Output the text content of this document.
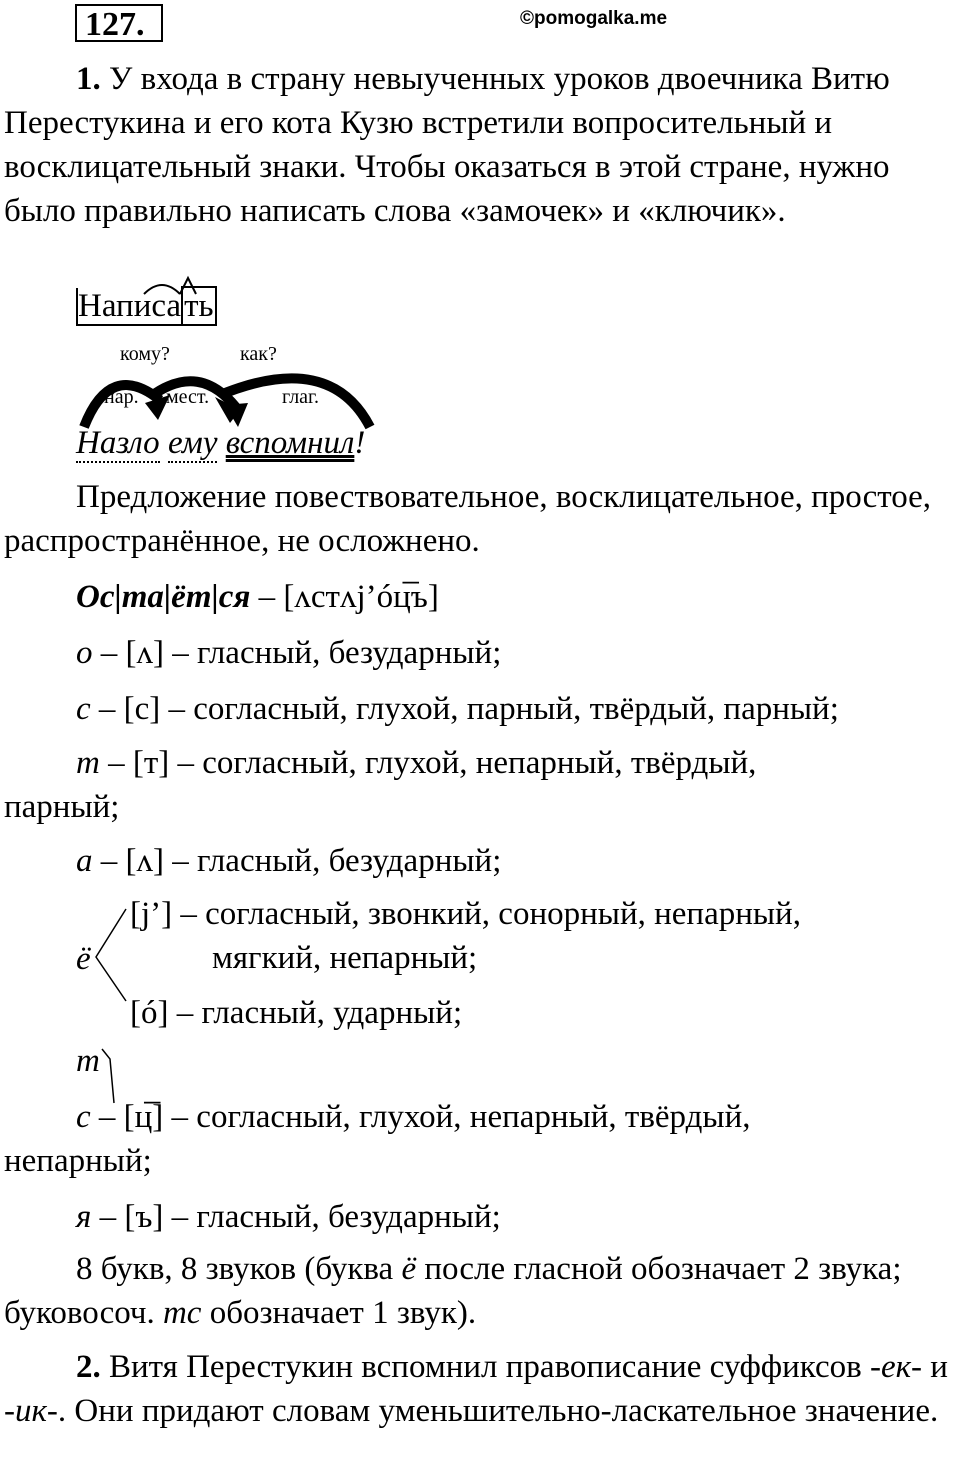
127.	©pomogalka.me
1. У входа в страну невыученных уроков двоечника Витю Перестукина и его кота Кузю встретили вопросительный и восклицательный знаки. Чтобы оказаться в этой стране, нужно было правильно написать слова «замочек» и «ключик».
Написать
кому?	как?
нар. мест.	глаг.
Назло ему вспомнил!
Предложение повествовательное, восклицательное, простое, распространённое, не осложнено.
Ос|та|ёт|ся – [ʌстʌj’óц̅ъ]
о – [ʌ] – гласный, безударный;
с – [с] – согласный, глухой, парный, твёрдый, парный;
т – [т] – согласный, глухой, непарный, твёрдый,
парный;
а – [ʌ] – гласный, безударный;
ё
[j’] – согласный, звонкий, сонорный, непарный,
мягкий, непарный;
[ó] – гласный, ударный;
т
с – [ц̅] – согласный, глухой, непарный, твёрдый,
непарный;
я – [ъ] – гласный, безударный;
8 букв, 8 звуков (буква ё после гласной обозначает 2 звука; буковосоч. тс обозначает 1 звук).
2. Витя Перестукин вспомнил правописание суффиксов -ек- и -ик-. Они придают словам уменьшительно-ласкательное значение.
